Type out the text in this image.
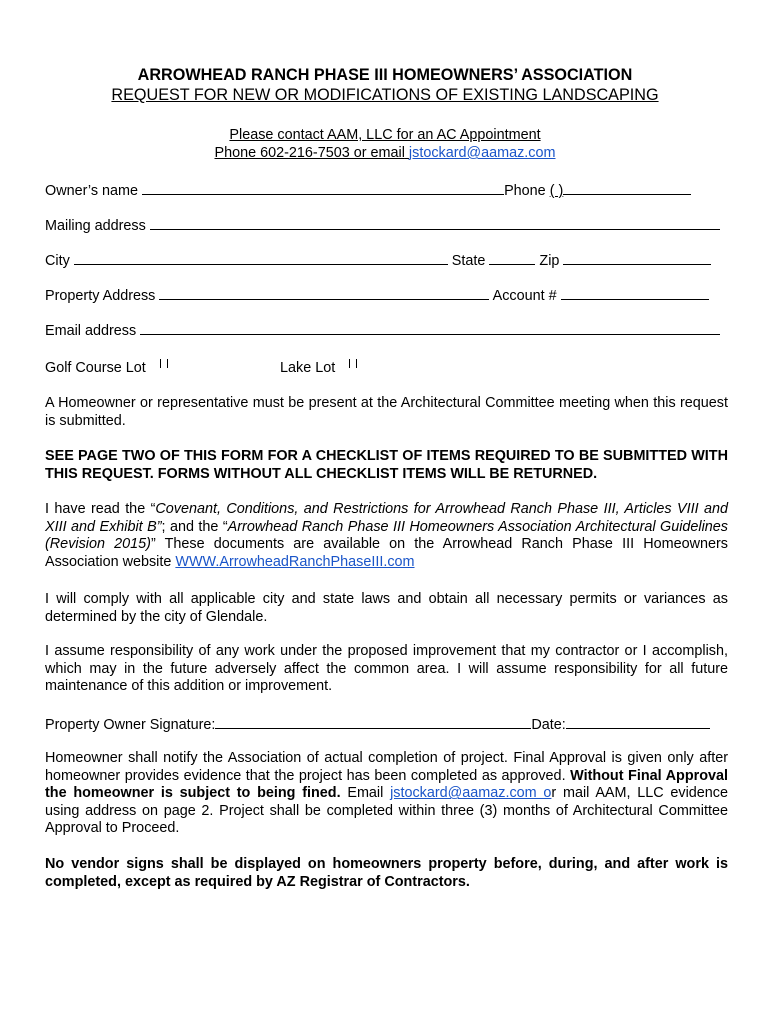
ARROWHEAD RANCH PHASE III HOMEOWNERS’ ASSOCIATION
REQUEST FOR NEW OR MODIFICATIONS OF EXISTING LANDSCAPING
Please contact AAM, LLC for an AC Appointment
Phone 602-216-7503 or email jstockard@aamaz.com
Owner’s name	Phone ( )
Mailing address
City	State	Zip
Property Address	Account #
Email address
Golf Course Lot	Lake Lot
A Homeowner or representative must be present at the Architectural Committee meeting when this request is submitted.
SEE PAGE TWO OF THIS FORM FOR A CHECKLIST OF ITEMS REQUIRED TO BE SUBMITTED WITH THIS REQUEST. FORMS WITHOUT ALL CHECKLIST ITEMS WILL BE RETURNED.
I have read the “Covenant, Conditions, and Restrictions for Arrowhead Ranch Phase III, Articles VIII and XIII and Exhibit B”; and the “Arrowhead Ranch Phase III Homeowners Association Architectural Guidelines (Revision 2015)” These documents are available on the Arrowhead Ranch Phase III Homeowners Association website WWW.ArrowheadRanchPhaseIII.com
I will comply with all applicable city and state laws and obtain all necessary permits or variances as determined by the city of Glendale.
I assume responsibility of any work under the proposed improvement that my contractor or I accomplish, which may in the future adversely affect the common area. I will assume responsibility for all future maintenance of this addition or improvement.
Property Owner Signature:	Date:
Homeowner shall notify the Association of actual completion of project. Final Approval is given only after homeowner provides evidence that the project has been completed as approved. Without Final Approval the homeowner is subject to being fined. Email jstockard@aamaz.com or mail AAM, LLC evidence using address on page 2. Project shall be completed within three (3) months of Architectural Committee Approval to Proceed.
No vendor signs shall be displayed on homeowners property before, during, and after work is completed, except as required by AZ Registrar of Contractors.
